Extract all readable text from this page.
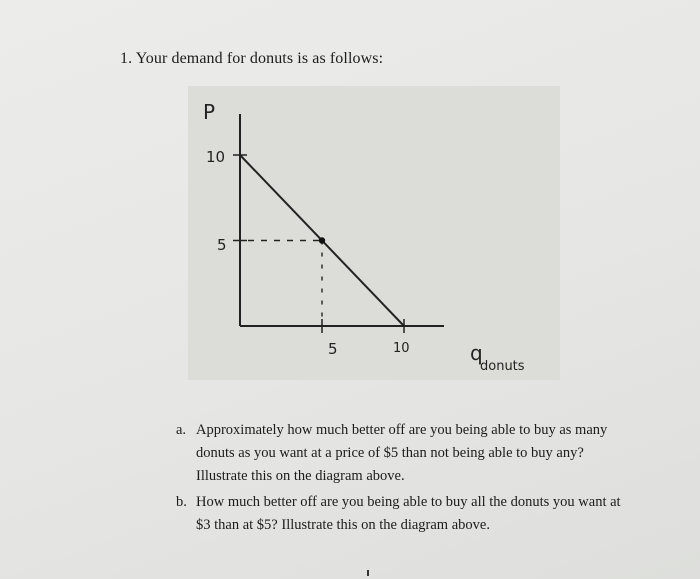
1. Your demand for donuts is as follows:
P
10
5
5	10	q
donuts
a. Approximately how much better off are you being able to buy as many donuts as you want at a price of $5 than not being able to buy any? Illustrate this on the diagram above.
b. How much better off are you being able to buy all the donuts you want at $3 than at $5? Illustrate this on the diagram above.
